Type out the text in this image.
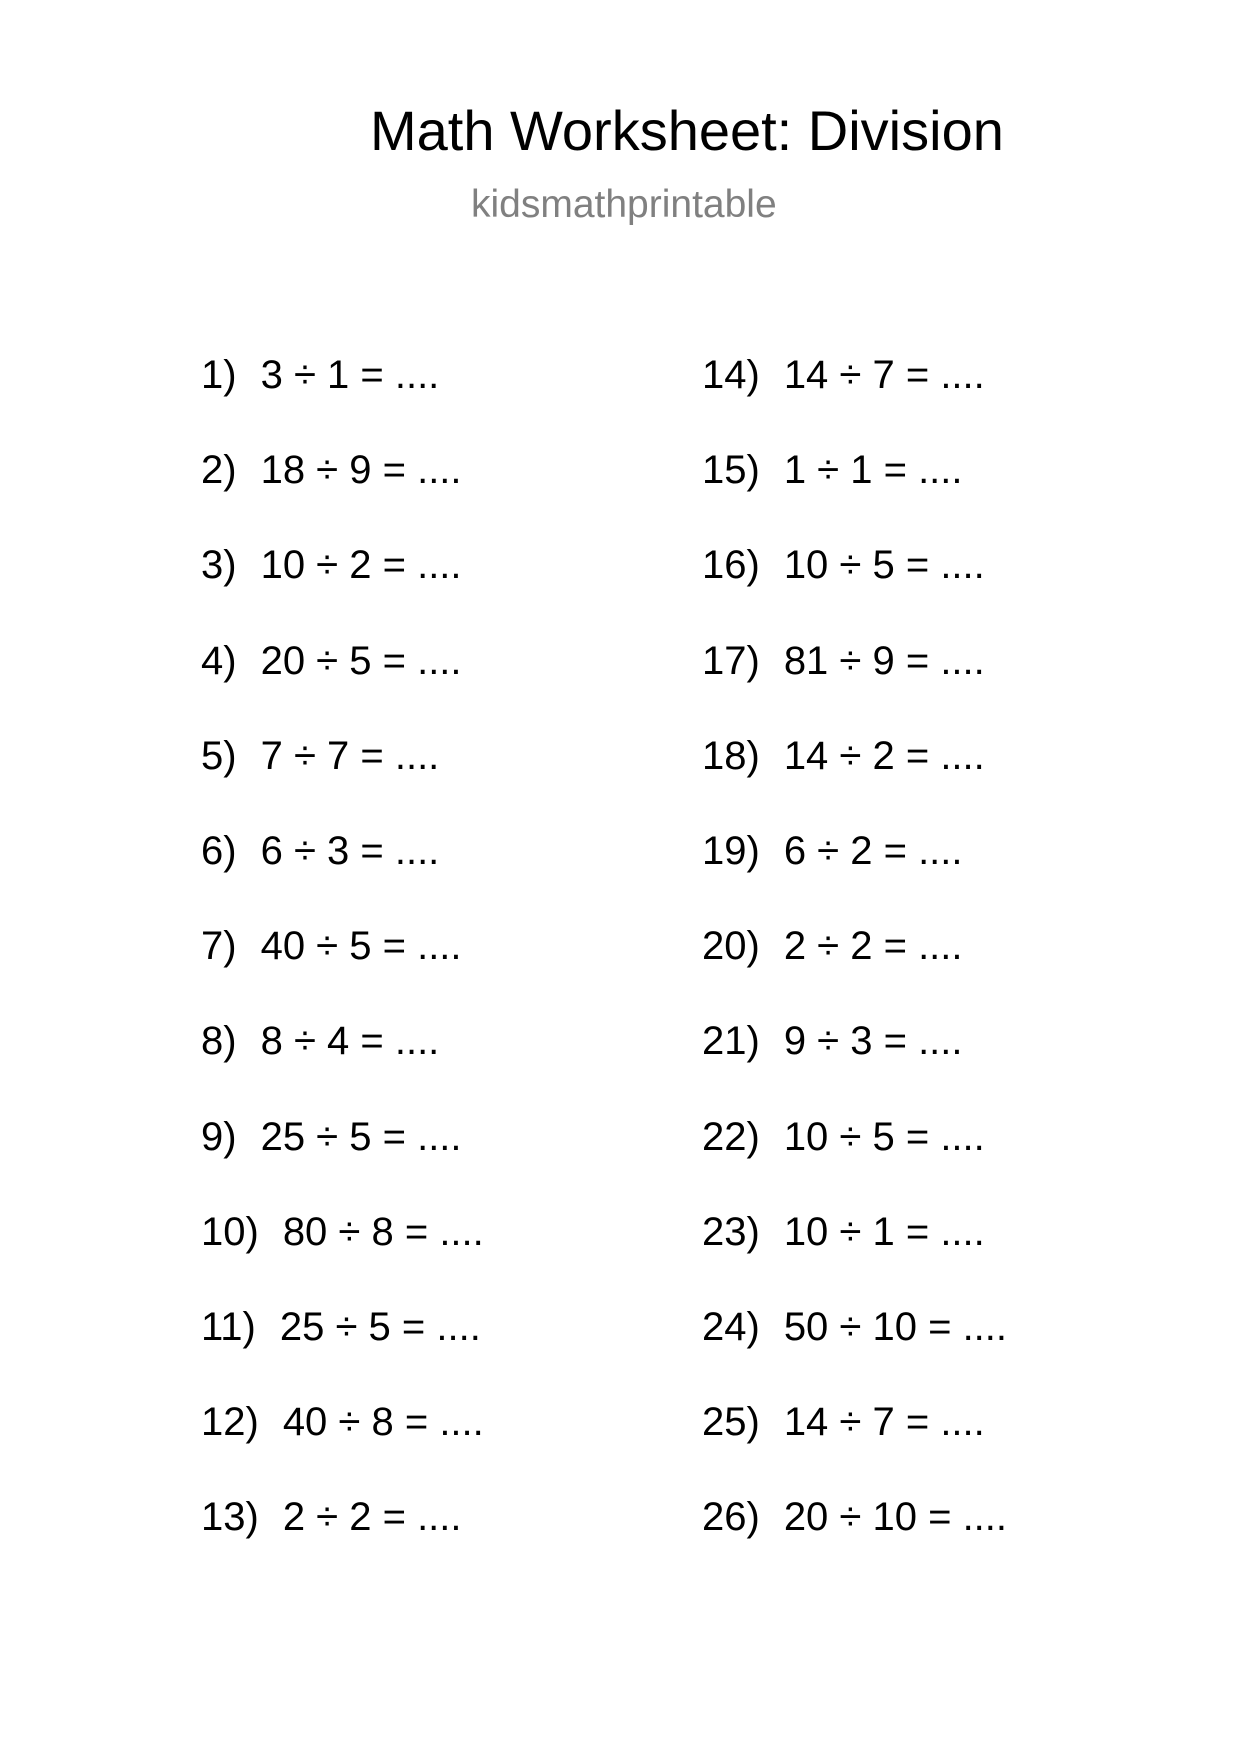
Math Worksheet: Division
kidsmathprintable
1) 3 ÷ 1 = ....
2) 18 ÷ 9 = ....
3) 10 ÷ 2 = ....
4) 20 ÷ 5 = ....
5) 7 ÷ 7 = ....
6) 6 ÷ 3 = ....
7) 40 ÷ 5 = ....
8) 8 ÷ 4 = ....
9) 25 ÷ 5 = ....
10) 80 ÷ 8 = ....
11) 25 ÷ 5 = ....
12) 40 ÷ 8 = ....
13) 2 ÷ 2 = ....
14) 14 ÷ 7 = ....
15) 1 ÷ 1 = ....
16) 10 ÷ 5 = ....
17) 81 ÷ 9 = ....
18) 14 ÷ 2 = ....
19) 6 ÷ 2 = ....
20) 2 ÷ 2 = ....
21) 9 ÷ 3 = ....
22) 10 ÷ 5 = ....
23) 10 ÷ 1 = ....
24) 50 ÷ 10 = ....
25) 14 ÷ 7 = ....
26) 20 ÷ 10 = ....
